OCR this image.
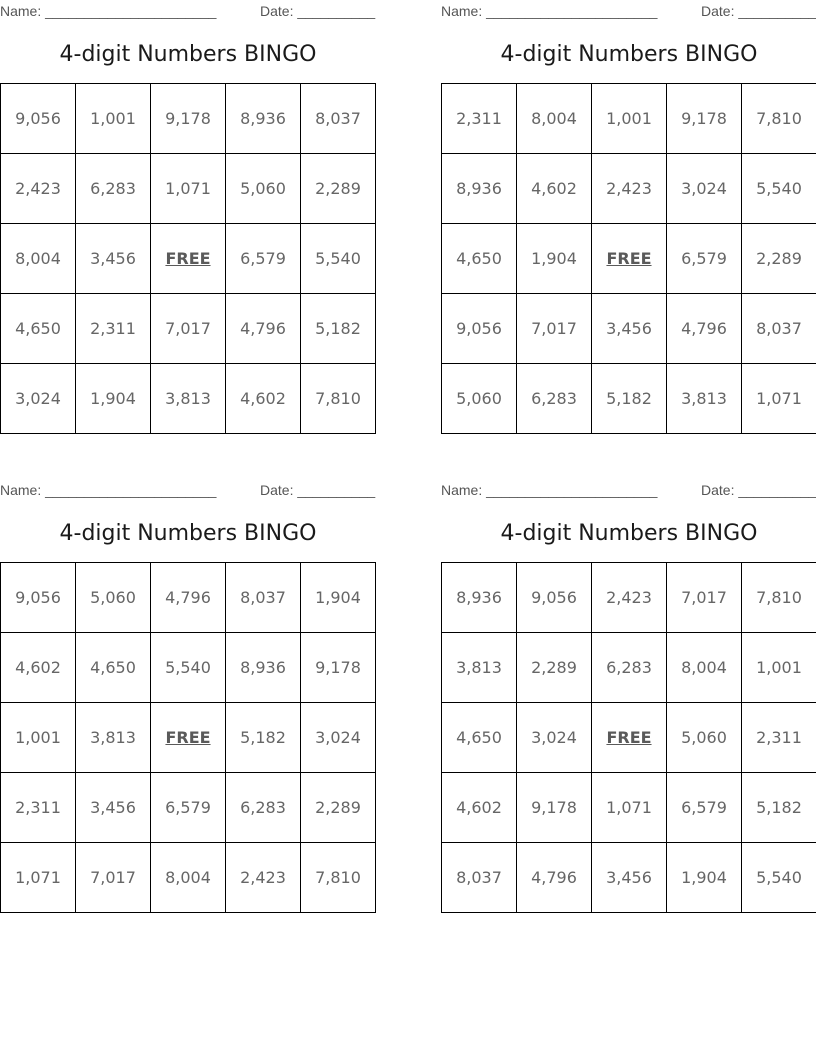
Name: ______________________	Date: __________
4-digit Numbers BINGO
9,056	1,001	9,178	8,936	8,037
2,423	6,283	1,071	5,060	2,289
8,004	3,456	FREE	6,579	5,540
4,650	2,311	7,017	4,796	5,182
3,024	1,904	3,813	4,602	7,810
Name: ______________________	Date: __________
4-digit Numbers BINGO
2,311	8,004	1,001	9,178	7,810
8,936	4,602	2,423	3,024	5,540
4,650	1,904	FREE	6,579	2,289
9,056	7,017	3,456	4,796	8,037
5,060	6,283	5,182	3,813	1,071
Name: ______________________	Date: __________
4-digit Numbers BINGO
9,056	5,060	4,796	8,037	1,904
4,602	4,650	5,540	8,936	9,178
1,001	3,813	FREE	5,182	3,024
2,311	3,456	6,579	6,283	2,289
1,071	7,017	8,004	2,423	7,810
Name: ______________________	Date: __________
4-digit Numbers BINGO
8,936	9,056	2,423	7,017	7,810
3,813	2,289	6,283	8,004	1,001
4,650	3,024	FREE	5,060	2,311
4,602	9,178	1,071	6,579	5,182
8,037	4,796	3,456	1,904	5,540
